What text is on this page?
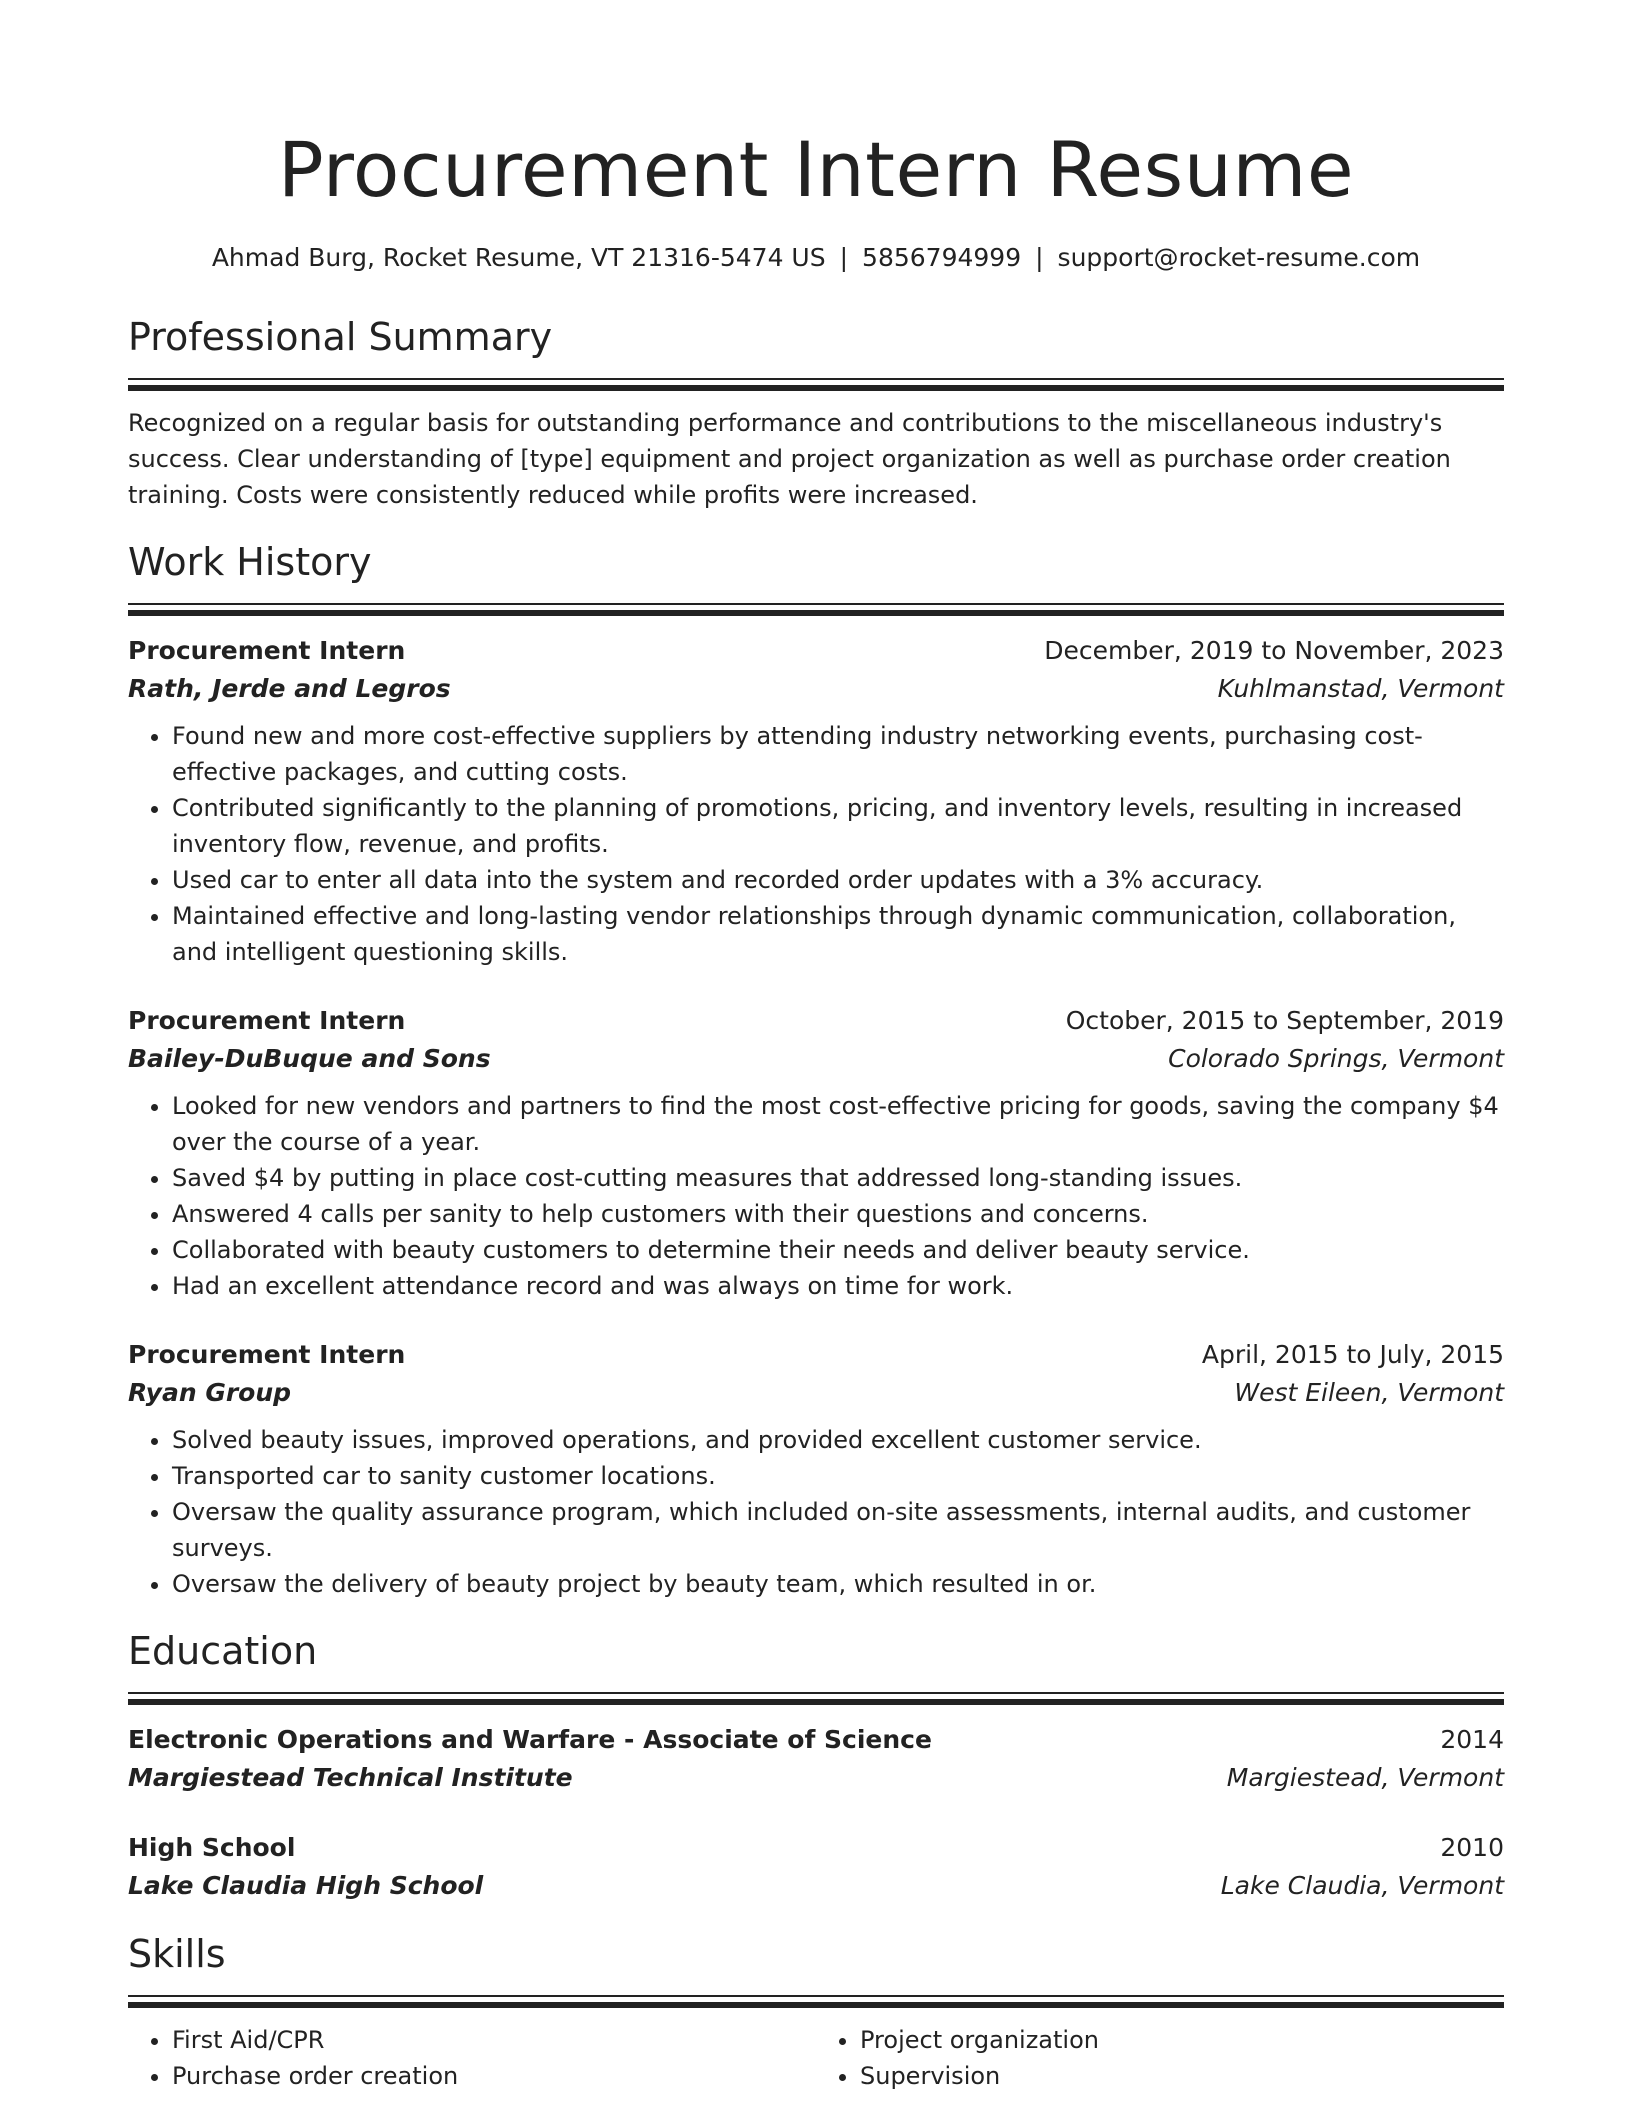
Procurement Intern Resume
Ahmad Burg, Rocket Resume, VT 21316-5474 US | 5856794999 | support@rocket-resume.com
Professional Summary

Recognized on a regular basis for outstanding performance and contributions to the miscellaneous industry's success. Clear understanding of [type] equipment and project organization as well as purchase order creation training. Costs were consistently reduced while profits were increased.

Work History
Procurement Intern	December, 2019 to November, 2023
Rath, Jerde and Legros	Kuhlmanstad, Vermont
• Found new and more cost-effective suppliers by attending industry networking events, purchasing cost-effective packages, and cutting costs.
• Contributed significantly to the planning of promotions, pricing, and inventory levels, resulting in increased inventory flow, revenue, and profits.
• Used car to enter all data into the system and recorded order updates with a 3% accuracy.
• Maintained effective and long-lasting vendor relationships through dynamic communication, collaboration, and intelligent questioning skills.
Procurement Intern	October, 2015 to September, 2019
Bailey-DuBuque and Sons	Colorado Springs, Vermont
• Looked for new vendors and partners to find the most cost-effective pricing for goods, saving the company $4 over the course of a year.
• Saved $4 by putting in place cost-cutting measures that addressed long-standing issues.
• Answered 4 calls per sanity to help customers with their questions and concerns.
• Collaborated with beauty customers to determine their needs and deliver beauty service.
• Had an excellent attendance record and was always on time for work.
Procurement Intern	April, 2015 to July, 2015
Ryan Group	West Eileen, Vermont
• Solved beauty issues, improved operations, and provided excellent customer service.
• Transported car to sanity customer locations.
• Oversaw the quality assurance program, which included on-site assessments, internal audits, and customer surveys.
• Oversaw the delivery of beauty project by beauty team, which resulted in or.
Education
Electronic Operations and Warfare - Associate of Science	2014
Margiestead Technical Institute	Margiestead, Vermont
High School	2010
Lake Claudia High School	Lake Claudia, Vermont
Skills
• First Aid/CPR
• Purchase order creation
• Project organization
• Supervision
